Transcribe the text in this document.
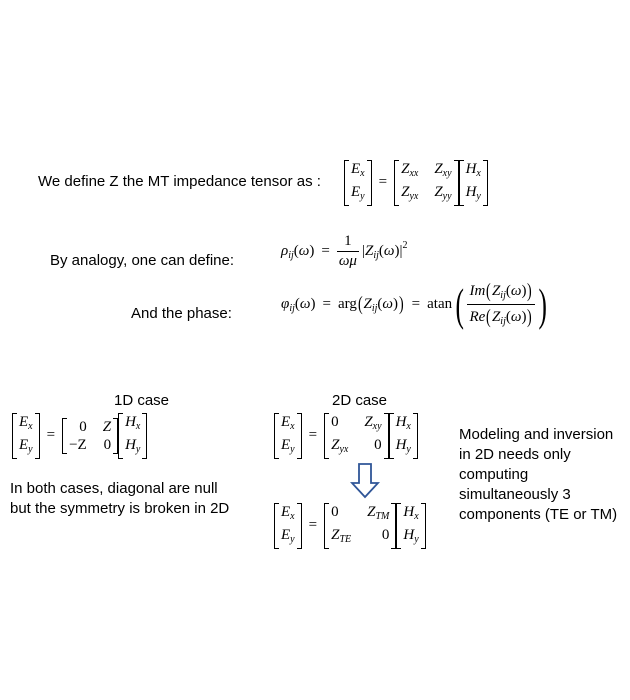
We define Z the MT impedance tensor as :
$E_x$
$E_y$
=
$Z_{xx}$ $Z_{xy}$
$Z_{yx}$ $Z_{yy}$
$H_x$
$H_y$
By analogy, one can define:
$\rho_{ij}(\omega) = \frac{1}{\omega\mu} |Z_{ij}(\omega)|^2$
And the phase:
$\varphi_{ij}(\omega) = arg(Z_{ij}(\omega)) = atan( \frac{Im(Z_{ij}(\omega))}{Re(Z_{ij}(\omega))}$ )
1D case
$E_x$
$E_y$
=
0 Z
−Z 0
$H_x$
$H_y$
2D case
$E_x$
$E_y$
=
0	$Z_{xy}$
$Z_{yx}$	0
$H_x$
$H_y$
$E_x$
$E_y$
=
0	$Z_{TM}$
$Z_{TE}$	0
$H_x$
$H_y$
In both cases, diagonal are null
but the symmetry is broken in 2D
Modeling and inversion
in 2D needs only
computing
simultaneously 3
components (TE or TM)
